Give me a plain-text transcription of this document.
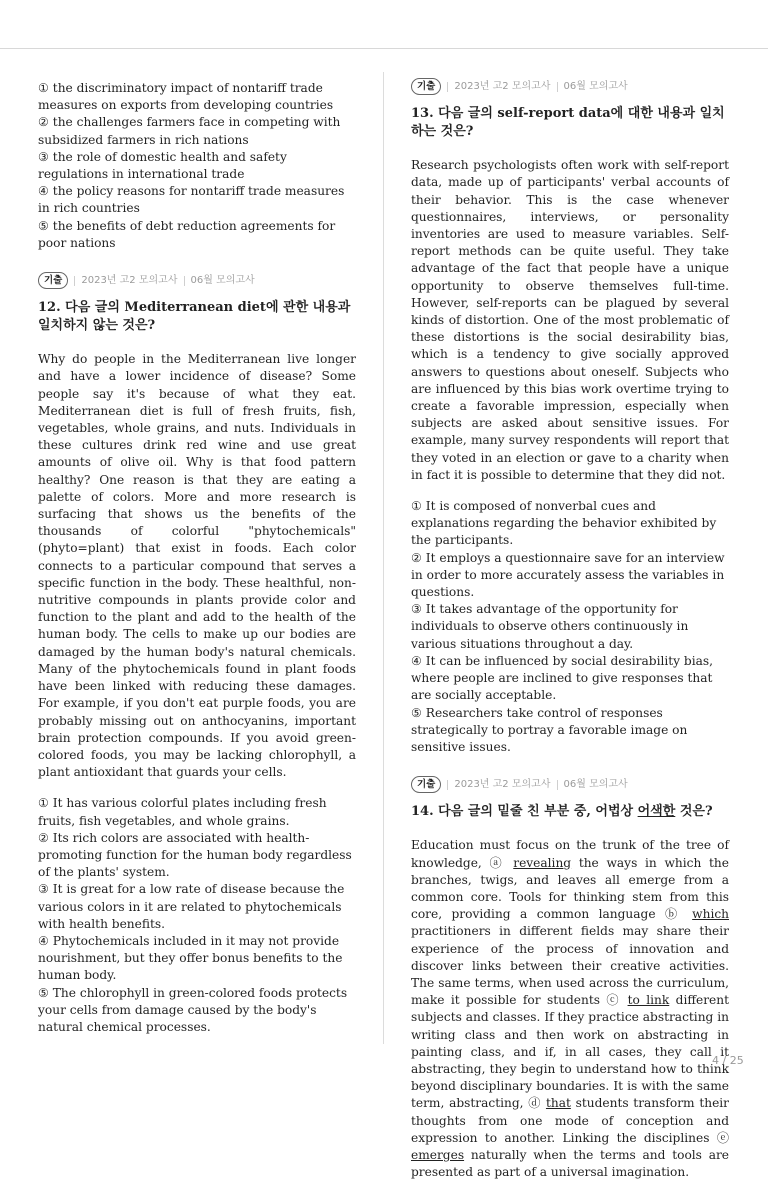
① the discriminatory impact of nontariff trade measures on exports from developing countries

② the challenges farmers face in competing with subsidized farmers in rich nations

③ the role of domestic health and safety regulations in international trade

④ the policy reasons for nontariff trade measures in rich countries

⑤ the benefits of debt reduction agreements for poor nations

기출	2023년 고2 모의고사 06월 모의고사

12. 다음 글의 Mediterranean diet에 관한 내용과 일치하지 않는 것은?

Why do people in the Mediterranean live longer and have a lower incidence of disease? Some people say it's because of what they eat. Mediterranean diet is full of fresh fruits, fish, vegetables, whole grains, and nuts. Individuals in these cultures drink red wine and use great amounts of olive oil. Why is that food pattern healthy? One reason is that they are eating a palette of colors. More and more research is surfacing that shows us the benefits of the thousands of colorful "phytochemicals" (phyto=plant) that exist in foods. Each color connects to a particular compound that serves a specific function in the body. These healthful, non-nutritive compounds in plants provide color and function to the plant and add to the health of the human body. The cells to make up our bodies are damaged by the human body's natural chemicals. Many of the phytochemicals found in plant foods have been linked with reducing these damages. For example, if you don't eat purple foods, you are probably missing out on anthocyanins, important brain protection compounds. If you avoid green-colored foods, you may be lacking chlorophyll, a plant antioxidant that guards your cells.

① It has various colorful plates including fresh fruits, fish vegetables, and whole grains.

② Its rich colors are associated with health-promoting function for the human body regardless of the plants' system.

③ It is great for a low rate of disease because the various colors in it are related to phytochemicals with health benefits.

④ Phytochemicals included in it may not provide nourishment, but they offer bonus benefits to the human body.

⑤ The chlorophyll in green-colored foods protects your cells from damage caused by the body's natural chemical processes.

기출	2023년 고2 모의고사 06월 모의고사

13. 다음 글의 self-report data에 대한 내용과 일치하는 것은?

Research psychologists often work with self-report data, made up of participants' verbal accounts of their behavior. This is the case whenever questionnaires, interviews, or personality inventories are used to measure variables. Self-report methods can be quite useful. They take advantage of the fact that people have a unique opportunity to observe themselves full-time. However, self-reports can be plagued by several kinds of distortion. One of the most problematic of these distortions is the social desirability bias, which is a tendency to give socially approved answers to questions about oneself. Subjects who are influenced by this bias work overtime trying to create a favorable impression, especially when subjects are asked about sensitive issues. For example, many survey respondents will report that they voted in an election or gave to a charity when in fact it is possible to determine that they did not.

① It is composed of nonverbal cues and explanations regarding the behavior exhibited by the participants.

② It employs a questionnaire save for an interview in order to more accurately assess the variables in questions.

③ It takes advantage of the opportunity for individuals to observe others continuously in various situations throughout a day.

④ It can be influenced by social desirability bias, where people are inclined to give responses that are socially acceptable.

⑤ Researchers take control of responses strategically to portray a favorable image on sensitive issues.

기출	2023년 고2 모의고사 06월 모의고사

14. 다음 글의 밑줄 친 부분 중, 어법상 어색한 것은?

Education must focus on the trunk of the tree of knowledge, ⓐ revealing the ways in which the branches, twigs, and leaves all emerge from a common core. Tools for thinking stem from this core, providing a common language ⓑ which practitioners in different fields may share their experience of the process of innovation and discover links between their creative activities. The same terms, when used across the curriculum, make it possible for students ⓒ to link different subjects and classes. If they practice abstracting in writing class and then work on abstracting in painting class, and if, in all cases, they call it abstracting, they begin to understand how to think beyond disciplinary boundaries. It is with the same term, abstracting, ⓓ that students transform their thoughts from one mode of conception and expression to another. Linking the disciplines ⓔ emerges naturally when the terms and tools are presented as part of a universal imagination.

4 / 25
